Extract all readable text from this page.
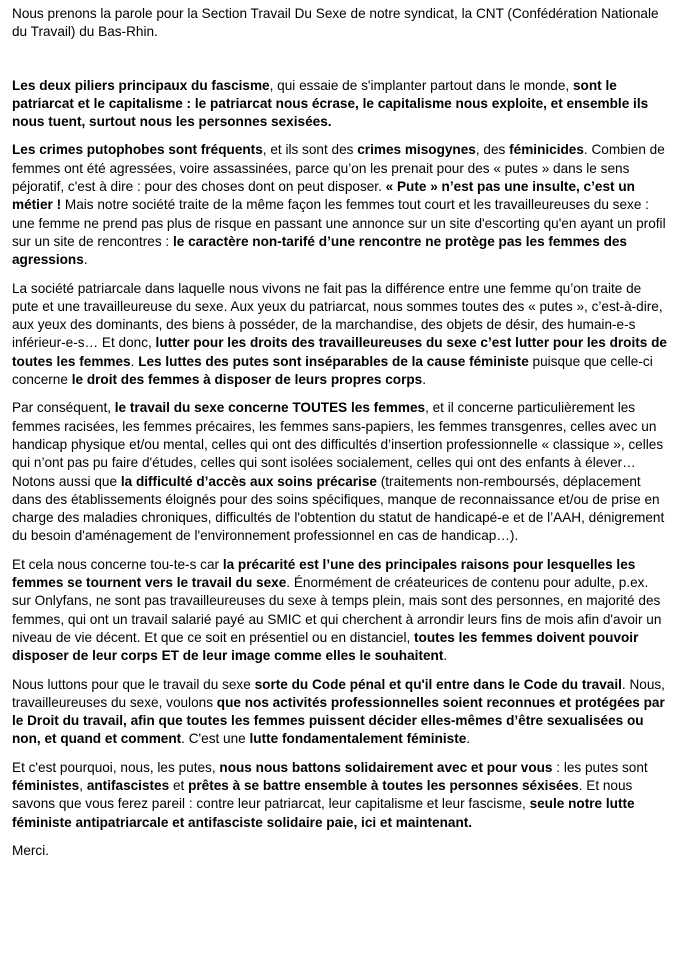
Nous prenons la parole pour la Section Travail Du Sexe de notre syndicat, la CNT (Confédération Nationale du Travail) du Bas-Rhin.

Les deux piliers principaux du fascisme, qui essaie de s'implanter partout dans le monde, sont le patriarcat et le capitalisme : le patriarcat nous écrase, le capitalisme nous exploite, et ensemble ils nous tuent, surtout nous les personnes sexisées.

Les crimes putophobes sont fréquents, et ils sont des crimes misogynes, des féminicides. Combien de femmes ont été agressées, voire assassinées, parce qu’on les prenait pour des « putes » dans le sens péjoratif, c'est à dire : pour des choses dont on peut disposer. « Pute » n’est pas une insulte, c’est un métier ! Mais notre société traite de la même façon les femmes tout court et les travailleureuses du sexe : une femme ne prend pas plus de risque en passant une annonce sur un site d'escorting qu'en ayant un profil sur un site de rencontres : le caractère non-tarifé d’une rencontre ne protège pas les femmes des agressions.

La société patriarcale dans laquelle nous vivons ne fait pas la différence entre une femme qu’on traite de pute et une travailleureuse du sexe. Aux yeux du patriarcat, nous sommes toutes des « putes », c’est-à-dire, aux yeux des dominants, des biens à posséder, de la marchandise, des objets de désir, des humain-e-s inférieur-e-s… Et donc, lutter pour les droits des travailleureuses du sexe c’est lutter pour les droits de toutes les femmes. Les luttes des putes sont inséparables de la cause féministe puisque que celle-ci concerne le droit des femmes à disposer de leurs propres corps.

Par conséquent, le travail du sexe concerne TOUTES les femmes, et il concerne particulièrement les femmes racisées, les femmes précaires, les femmes sans-papiers, les femmes transgenres, celles avec un handicap physique et/ou mental, celles qui ont des difficultés d’insertion professionnelle « classique », celles qui n’ont pas pu faire d'études, celles qui sont isolées socialement, celles qui ont des enfants à élever… Notons aussi que la difficulté d’accès aux soins précarise (traitements non-remboursés, déplacement dans des établissements éloignés pour des soins spécifiques, manque de reconnaissance et/ou de prise en charge des maladies chroniques, difficultés de l'obtention du statut de handicapé-e et de l’AAH, dénigrement du besoin d'aménagement de l'environnement professionnel en cas de handicap…).

Et cela nous concerne tou-te-s car la précarité est l’une des principales raisons pour lesquelles les femmes se tournent vers le travail du sexe. Énormément de créateurices de contenu pour adulte, p.ex. sur Onlyfans, ne sont pas travailleureuses du sexe à temps plein, mais sont des personnes, en majorité des femmes, qui ont un travail salarié payé au SMIC et qui cherchent à arrondir leurs fins de mois afin d'avoir un niveau de vie décent. Et que ce soit en présentiel ou en distanciel, toutes les femmes doivent pouvoir disposer de leur corps ET de leur image comme elles le souhaitent.

Nous luttons pour que le travail du sexe sorte du Code pénal et qu'il entre dans le Code du travail. Nous, travailleureuses du sexe, voulons que nos activités professionnelles soient reconnues et protégées par le Droit du travail, afin que toutes les femmes puissent décider elles-mêmes d’être sexualisées ou non, et quand et comment. C'est une lutte fondamentalement féministe.

Et c'est pourquoi, nous, les putes, nous nous battons solidairement avec et pour vous : les putes sont féministes, antifascistes et prêtes à se battre ensemble à toutes les personnes séxisées. Et nous savons que vous ferez pareil : contre leur patriarcat, leur capitalisme et leur fascisme, seule notre lutte féministe antipatriarcale et antifasciste solidaire paie, ici et maintenant.

Merci.
